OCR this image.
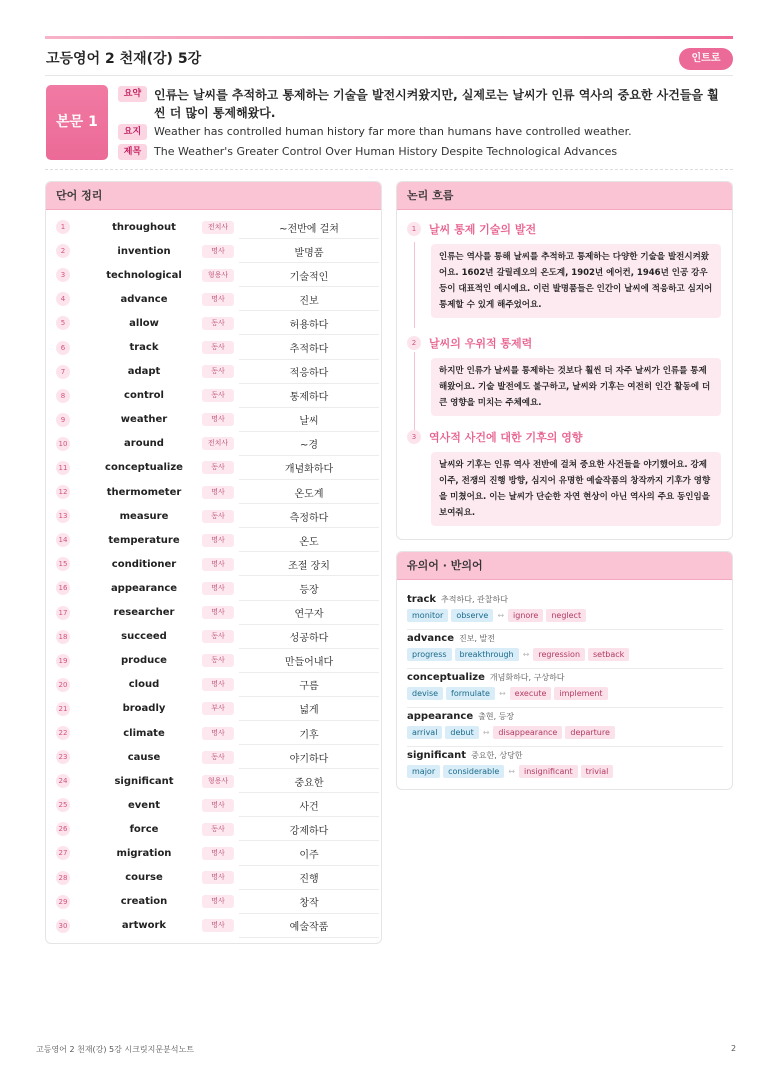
고등영어 2 천재(강) 5강	인트로
본문 1
요약	인류는 날씨를 추적하고 통제하는 기술을 발전시켜왔지만, 실제로는 날씨가 인류 역사의 중요한 사건들을 훨씬 더 많이 통제해왔다.
요지	Weather has controlled human history far more than humans have controlled weather.
제목	The Weather's Greater Control Over Human History Despite Technological Advances
단어 정리
1	throughout	전치사	~전반에 걸쳐
2	invention	명사	발명품
3	technological	형용사	기술적인
4	advance	명사	진보
5	allow	동사	허용하다
6	track	동사	추적하다
7	adapt	동사	적응하다
8	control	동사	통제하다
9	weather	명사	날씨
10	around	전치사	~경
11	conceptualize	동사	개념화하다
12	thermometer	명사	온도계
13	measure	동사	측정하다
14	temperature	명사	온도
15	conditioner	명사	조절 장치
16	appearance	명사	등장
17	researcher	명사	연구자
18	succeed	동사	성공하다
19	produce	동사	만들어내다
20	cloud	명사	구름
21	broadly	부사	넓게
22	climate	명사	기후
23	cause	동사	야기하다
24	significant	형용사	중요한
25	event	명사	사건
26	force	동사	강제하다
27	migration	명사	이주
28	course	명사	진행
29	creation	명사	창작
30	artwork	명사	예술작품
논리 흐름
1	날씨 통제 기술의 발전
인류는 역사를 통해 날씨를 추적하고 통제하는 다양한 기술을 발전시켜왔어요. 1602년 갈릴레오의 온도계, 1902년 에어컨, 1946년 인공 강우 등이 대표적인 예시예요. 이런 발명품들은 인간이 날씨에 적응하고 심지어 통제할 수 있게 해주었어요.
2	날씨의 우위적 통제력
하지만 인류가 날씨를 통제하는 것보다 훨씬 더 자주 날씨가 인류를 통제해왔어요. 기술 발전에도 불구하고, 날씨와 기후는 여전히 인간 활동에 더 큰 영향을 미치는 주체예요.
3	역사적 사건에 대한 기후의 영향
날씨와 기후는 인류 역사 전반에 걸쳐 중요한 사건들을 야기했어요. 강제 이주, 전쟁의 진행 방향, 심지어 유명한 예술작품의 창작까지 기후가 영향을 미쳤어요. 이는 날씨가 단순한 자연 현상이 아닌 역사의 주요 동인임을 보여줘요.
유의어 · 반의어
track 추적하다, 관찰하다
monitor	observe	↔	ignore	neglect
advance 진보, 발전
progress	breakthrough	↔	regression	setback
conceptualize 개념화하다, 구상하다
devise	formulate	↔	execute	implement
appearance 출현, 등장
arrival	debut	↔	disappearance	departure
significant 중요한, 상당한
major	considerable	↔	insignificant	trivial
고등영어 2 천재(강) 5강 시크릿지문분석노트	2
